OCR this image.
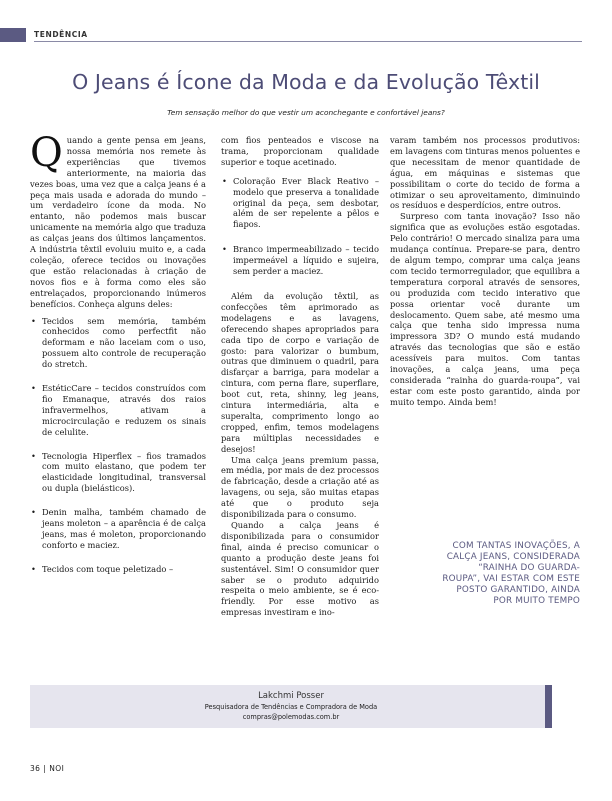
TENDÊNCIA
O Jeans é Ícone da Moda e da Evolução Têxtil
Tem sensação melhor do que vestir um aconchegante e confortável jeans?

Quando a gente pensa em jeans, nossa memória nos remete às experiências que tivemos anteriormente, na maioria das vezes boas, uma vez que a calça jeans é a peça mais usada e adorada do mundo – um verdadeiro ícone da moda. No entanto, não podemos mais buscar unicamente na memória algo que traduza as calças jeans dos últimos lançamentos. A indústria têxtil evoluiu muito e, a cada coleção, oferece tecidos ou inovações que estão relacionadas à criação de novos fios e à forma como eles são entrelaçados, proporcionando inúmeros benefícios. Conheça alguns deles:

• Tecidos sem memória, também conhecidos como perfectfit não deformam e não laceiam com o uso, possuem alto controle de recuperação do stretch.
• EstéticCare – tecidos construídos com fio Emanaque, através dos raios infravermelhos, ativam a microcirculação e reduzem os sinais de celulite.
• Tecnologia Hiperflex – fios tramados com muito elastano, que podem ter elasticidade longitudinal, transversal ou dupla (bielásticos).
• Denin malha, também chamado de jeans moleton – a aparência é de calça jeans, mas é moleton, proporcionando conforto e maciez.
• Tecidos com toque peletizado –

com fios penteados e viscose na trama, proporcionam qualidade superior e toque acetinado.

• Coloração Ever Black Reativo – modelo que preserva a tonalidade original da peça, sem desbotar, além de ser repelente a pêlos e fiapos.
• Branco impermeabilizado – tecido impermeável a líquido e sujeira, sem perder a maciez.

Além da evolução têxtil, as confecções têm aprimorado as modelagens e as lavagens, oferecendo shapes apropriados para cada tipo de corpo e variação de gosto: para valorizar o bumbum, outras que diminuem o quadril, para disfarçar a barriga, para modelar a cintura, com perna flare, superflare, boot cut, reta, shinny, leg jeans, cintura intermediária, alta e superalta, comprimento longo ao cropped, enfim, temos modelagens para múltiplas necessidades e desejos!

Uma calça jeans premium passa, em média, por mais de dez processos de fabricação, desde a criação até as lavagens, ou seja, são muitas etapas até que o produto seja disponibilizada para o consumo.

Quando a calça jeans é disponibilizada para o consumidor final, ainda é preciso comunicar o quanto a produção deste jeans foi sustentável. Sim! O consumidor quer saber se o produto adquirido respeita o meio ambiente, se é eco-friendly. Por esse motivo as empresas investiram e ino-

varam também nos processos produtivos: em lavagens com tinturas menos poluentes e que necessitam de menor quantidade de água, em máquinas e sistemas que possibilitam o corte do tecido de forma a otimizar o seu aproveitamento, diminuindo os resíduos e desperdícios, entre outros.

Surpreso com tanta inovação? Isso não significa que as evoluções estão esgotadas. Pelo contrário! O mercado sinaliza para uma mudança contínua. Prepare-se para, dentro de algum tempo, comprar uma calça jeans com tecido termorregulador, que equilibra a temperatura corporal através de sensores, ou produzida com tecido interativo que possa orientar você durante um deslocamento. Quem sabe, até mesmo uma calça que tenha sido impressa numa impressora 3D? O mundo está mudando através das tecnologias que são e estão acessíveis para muitos. Com tantas inovações, a calça jeans, uma peça considerada “rainha do guarda-roupa”, vai estar com este posto garantido, ainda por muito tempo. Ainda bem!

COM TANTAS INOVAÇÕES, A CALÇA JEANS, CONSIDERADA “RAINHA DO GUARDA-ROUPA”, VAI ESTAR COM ESTE POSTO GARANTIDO, AINDA POR MUITO TEMPO
Lakchmi Posser
Pesquisadora de Tendências e Compradora de Moda
compras@polemodas.com.br
36 | NOI
